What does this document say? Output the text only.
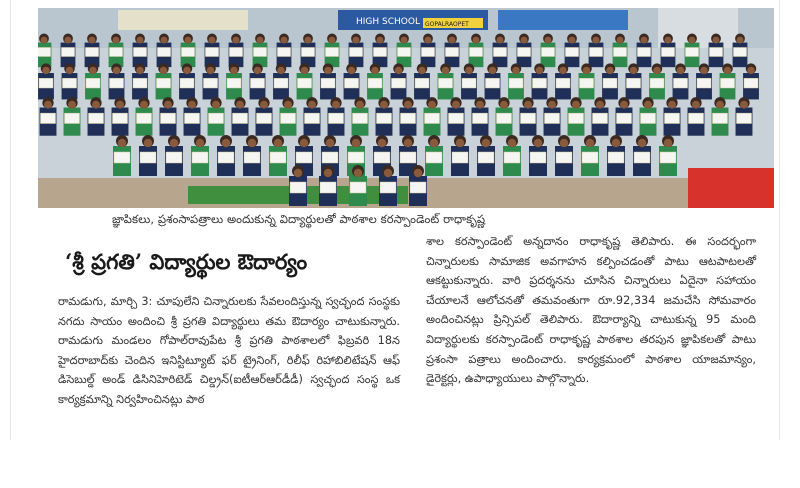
HIGH SCHOOL GOPALRAOPET
జ్ఞాపికలు, ప్రశంసాపత్రాలు అందుకున్న విద్యార్థులతో పాఠశాల కరస్పాండెంట్ రాధాకృష్ణ
‘శ్రీ ప్రగతి’ విద్యార్థుల ఔదార్యం

రామడుగు, మార్చి 3: చూపులేని చిన్నారులకు సేవలందిస్తున్న స్వచ్ఛంద సంస్థకు నగదు సాయం అందించి శ్రీ ప్రగతి విద్యార్థులు తమ ఔదార్యం చాటుకున్నారు. రామడుగు మండలం గోపాల్‌రావుపేట శ్రీ ప్రగతి పాఠశాలలో ఫిబ్రవరి 18న హైదరాబాద్‌కు చెందిన ఇనిస్టిట్యూట్ ఫర్ ట్రైనింగ్, రిలీఫ్ రిహాబిలిటేషన్ ఆఫ్ డిసెబుల్డ్ అండ్ డిసినిహెరిటెడ్ చిల్డ్రన్(ఐటీఆర్ఆర్‌డీడీ) స్వచ్ఛంద సంస్థ ఒక కార్యక్రమాన్ని నిర్వహించినట్లు పాఠ

శాల కరస్పాండెంట్ అన్నదానం రాధాకృష్ణ తెలిపారు. ఈ సందర్భంగా చిన్నారులకు సామాజిక అవగాహన కల్పించడంతో పాటు ఆటపాటలతో ఆకట్టుకున్నారు. వారి ప్రదర్శనను చూసిన చిన్నారులు ఏదైనా సహాయం చేయాలనే ఆలోచనతో తమవంతుగా రూ.92,334 జమచేసి సోమవారం అందించినట్లు ప్రిన్సిపల్ తెలిపారు. ఔదార్యాన్ని చాటుకున్న 95 మంది విద్యార్థులకు కరస్పాండెంట్ రాధాకృష్ణ పాఠశాల తరపున జ్ఞాపికలతో పాటు ప్రశంసా పత్రాలు అందించారు. కార్యక్రమంలో పాఠశాల యాజమాన్యం, డైరెక్టర్లు, ఉపాధ్యాయులు పాల్గొన్నారు.
